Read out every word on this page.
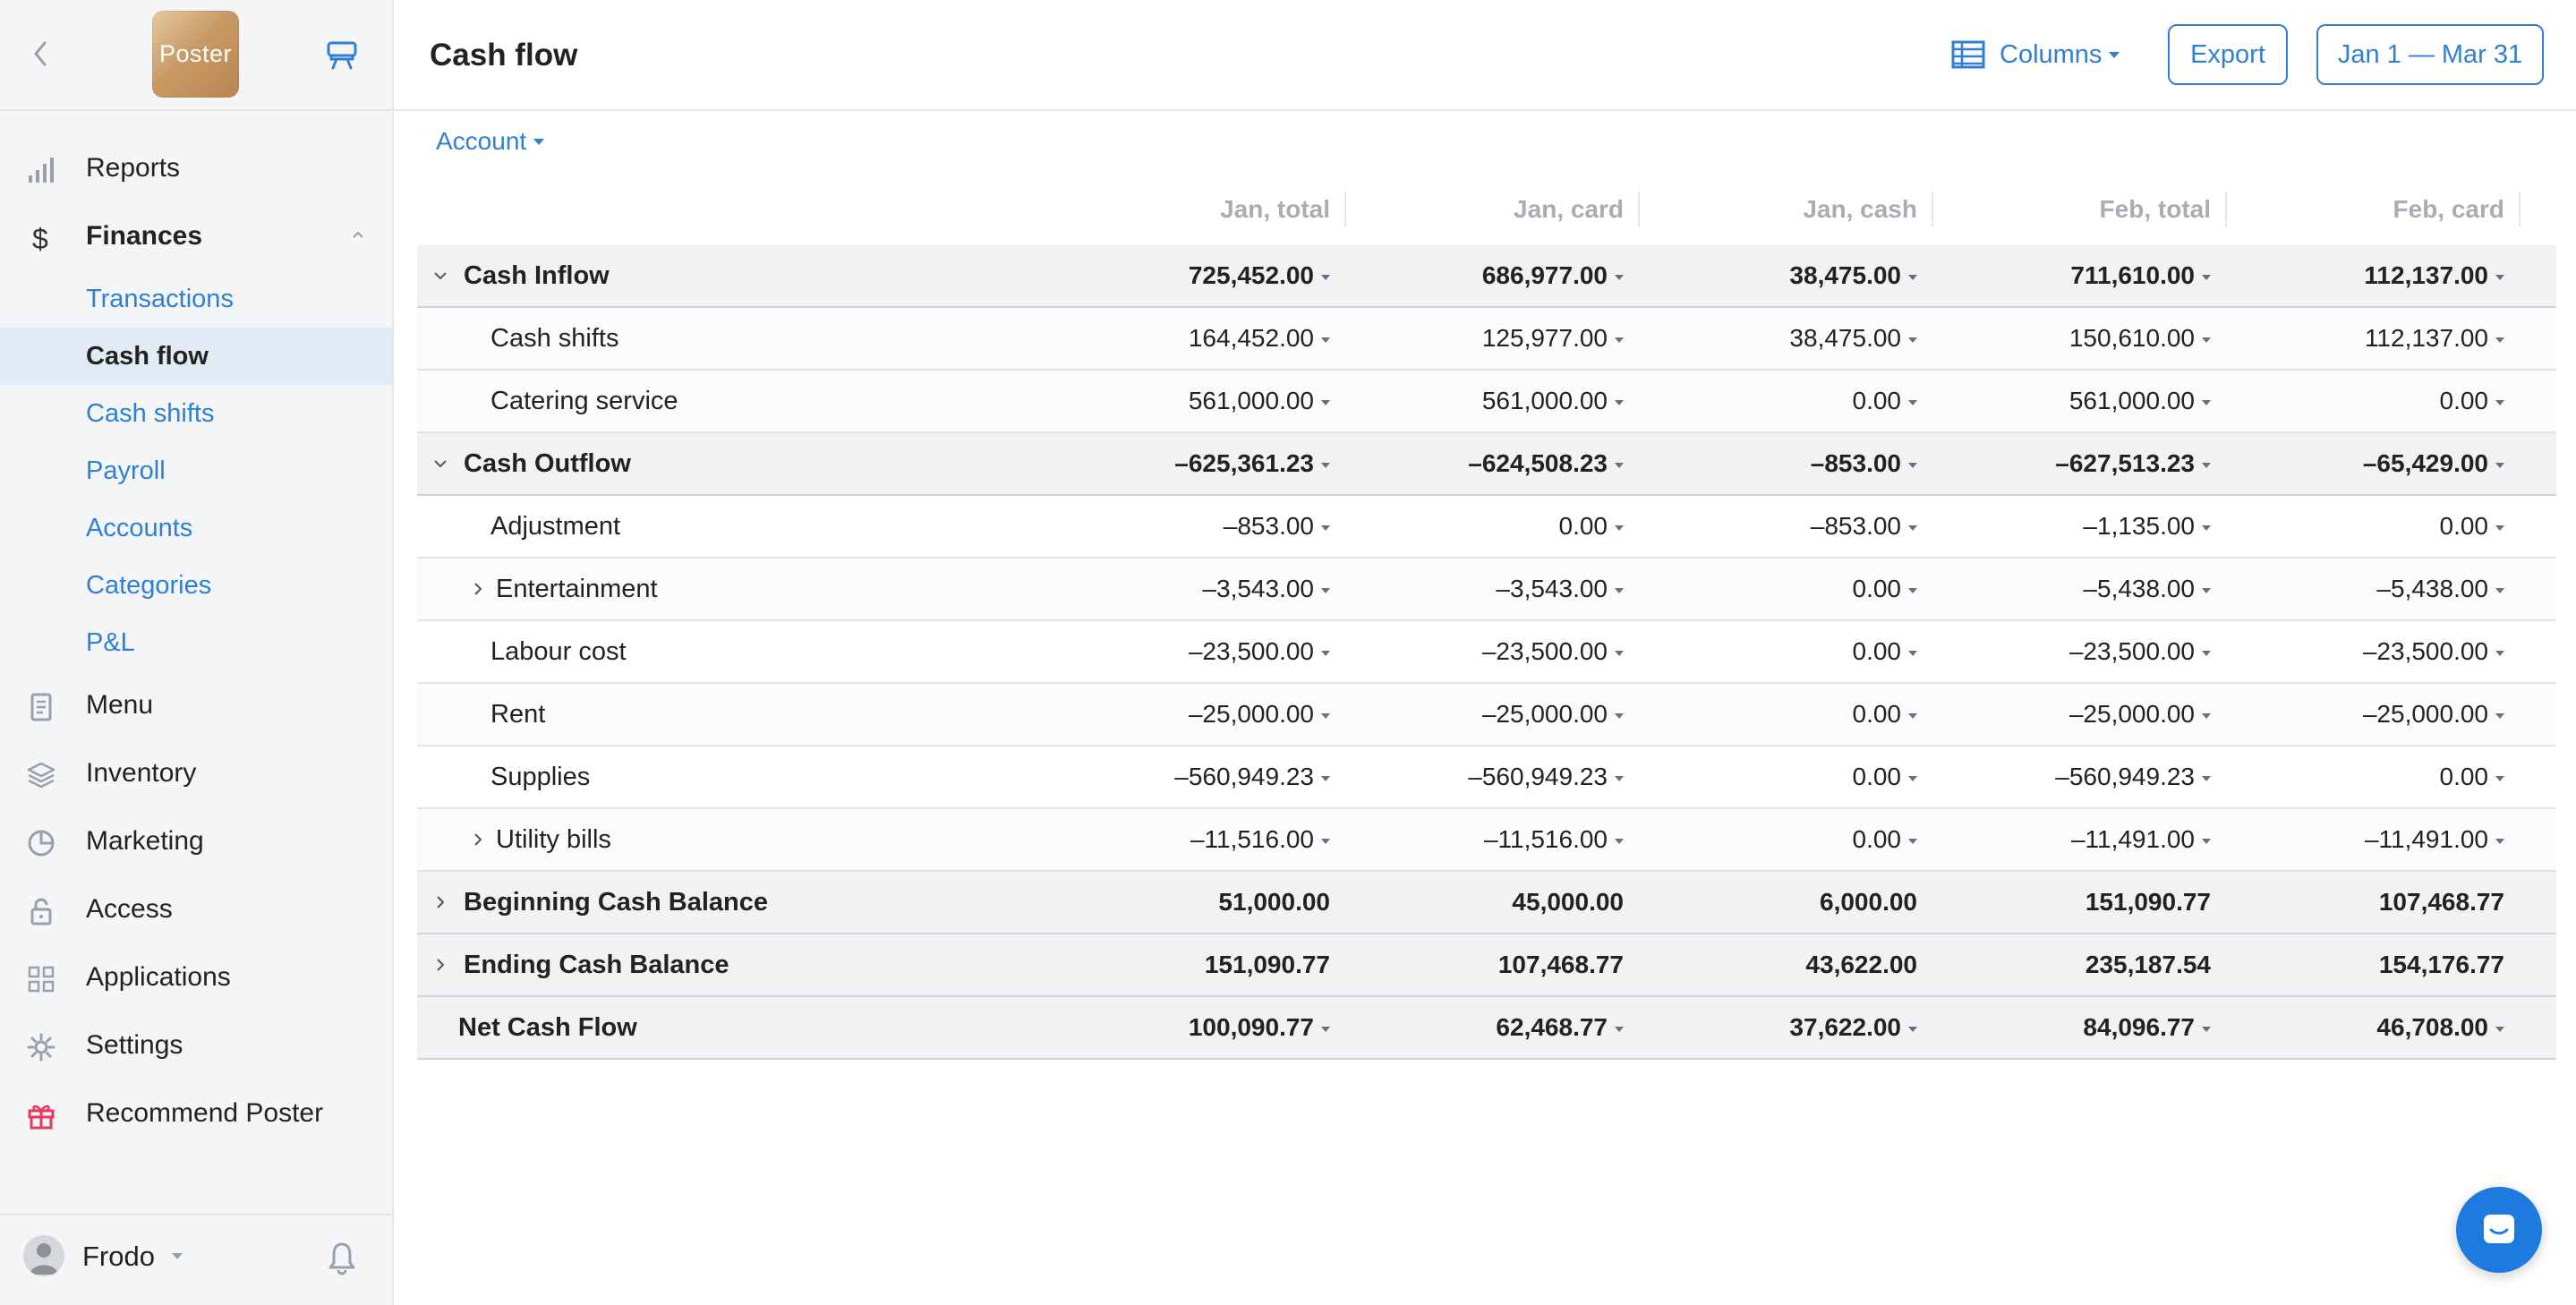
Poster
Reports
$ Finances
Transactions
Cash flow
Cash shifts
Payroll
Accounts
Categories
P&L
Menu
Inventory
Marketing
Access
Applications
Settings
Recommend Poster
Frodo
Cash flow	Columns	Export	Jan 1 — Mar 31
Account
Jan, total	Jan, card	Jan, cash	Feb, total	Feb, card
Cash Inflow	725,452.00	686,977.00	38,475.00	711,610.00	112,137.00
Cash shifts	164,452.00	125,977.00	38,475.00	150,610.00	112,137.00
Catering service	561,000.00	561,000.00	0.00	561,000.00	0.00
Cash Outflow	–625,361.23	–624,508.23	–853.00	–627,513.23	–65,429.00
Adjustment	–853.00	0.00	–853.00	–1,135.00	0.00
Entertainment	–3,543.00	–3,543.00	0.00	–5,438.00	–5,438.00
Labour cost	–23,500.00	–23,500.00	0.00	–23,500.00	–23,500.00
Rent	–25,000.00	–25,000.00	0.00	–25,000.00	–25,000.00
Supplies	–560,949.23	–560,949.23	0.00	–560,949.23	0.00
Utility bills	–11,516.00	–11,516.00	0.00	–11,491.00	–11,491.00
Beginning Cash Balance	51,000.00	45,000.00	6,000.00	151,090.77	107,468.77
Ending Cash Balance	151,090.77	107,468.77	43,622.00	235,187.54	154,176.77
Net Cash Flow	100,090.77	62,468.77	37,622.00	84,096.77	46,708.00
